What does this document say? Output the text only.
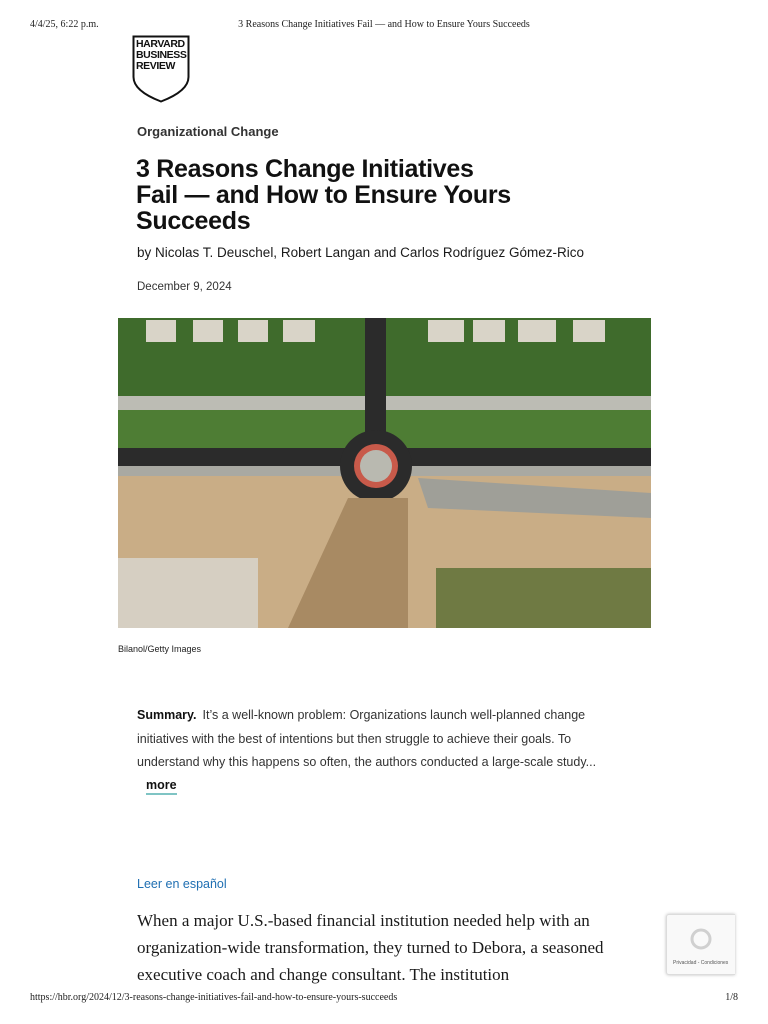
4/4/25, 6:22 p.m.	3 Reasons Change Initiatives Fail — and How to Ensure Yours Succeeds
HARVARD
BUSINESS
REVIEW
Organizational Change
3 Reasons Change Initiatives Fail — and How to Ensure Yours Succeeds
by Nicolas T. Deuschel, Robert Langan and Carlos Rodríguez Gómez-Rico
December 9, 2024
Bilanol/Getty Images
Summary. It’s a well-known problem: Organizations launch well-planned change initiatives with the best of intentions but then struggle to achieve their goals. To understand why this happens so often, the authors conducted a large-scale study...
more
Leer en español

When a major U.S.-based financial institution needed help with an organization-wide transformation, they turned to Debora, a seasoned executive coach and change consultant. The institution

Privacidad - Condiciones
https://hbr.org/2024/12/3-reasons-change-initiatives-fail-and-how-to-ensure-yours-succeeds	1/8
